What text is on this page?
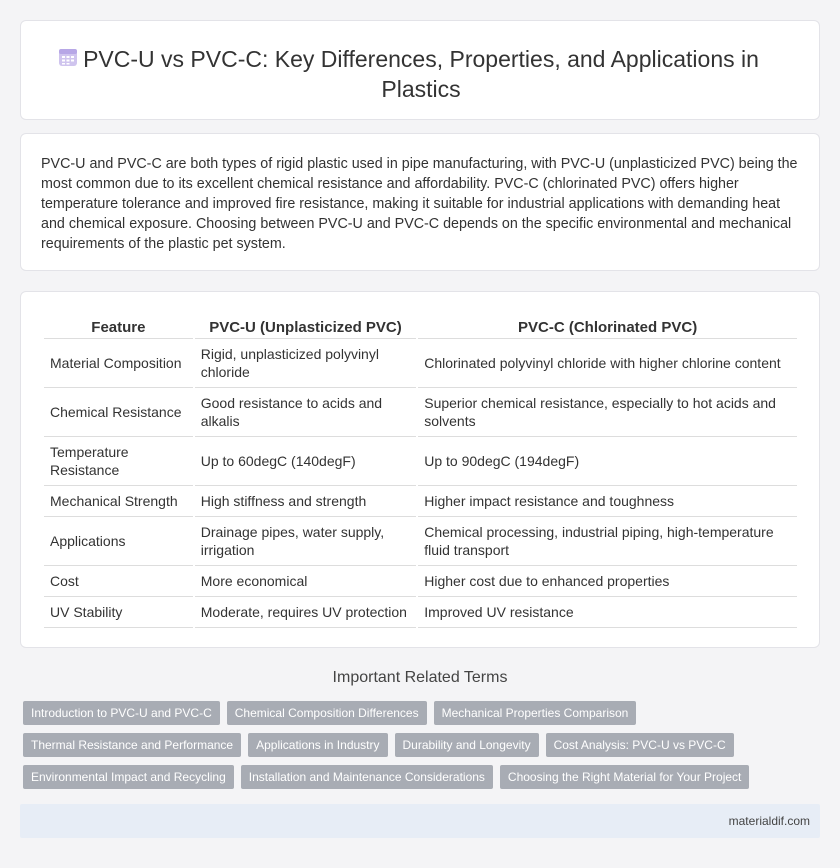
PVC-U vs PVC-C: Key Differences, Properties, and Applications in Plastics

PVC-U and PVC-C are both types of rigid plastic used in pipe manufacturing, with PVC-U (unplasticized PVC) being the most common due to its excellent chemical resistance and affordability. PVC-C (chlorinated PVC) offers higher temperature tolerance and improved fire resistance, making it suitable for industrial applications with demanding heat and chemical exposure. Choosing between PVC-U and PVC-C depends on the specific environmental and mechanical requirements of the plastic pet system.

Feature	PVC-U (Unplasticized PVC)	PVC-C (Chlorinated PVC)
Material Composition	Rigid, unplasticized polyvinyl chloride	Chlorinated polyvinyl chloride with higher chlorine content
Chemical Resistance	Good resistance to acids and alkalis	Superior chemical resistance, especially to hot acids and solvents
Temperature Resistance	Up to 60degC (140degF)	Up to 90degC (194degF)
Mechanical Strength	High stiffness and strength	Higher impact resistance and toughness
Applications	Drainage pipes, water supply, irrigation	Chemical processing, industrial piping, high-temperature fluid transport
Cost	More economical	Higher cost due to enhanced properties
UV Stability	Moderate, requires UV protection	Improved UV resistance
Important Related Terms
Introduction to PVC-U and PVC-C	Chemical Composition Differences	Mechanical Properties Comparison
Thermal Resistance and Performance	Applications in Industry	Durability and Longevity	Cost Analysis: PVC-U vs PVC-C
Environmental Impact and Recycling	Installation and Maintenance Considerations	Choosing the Right Material for Your Project
materialdif.com
